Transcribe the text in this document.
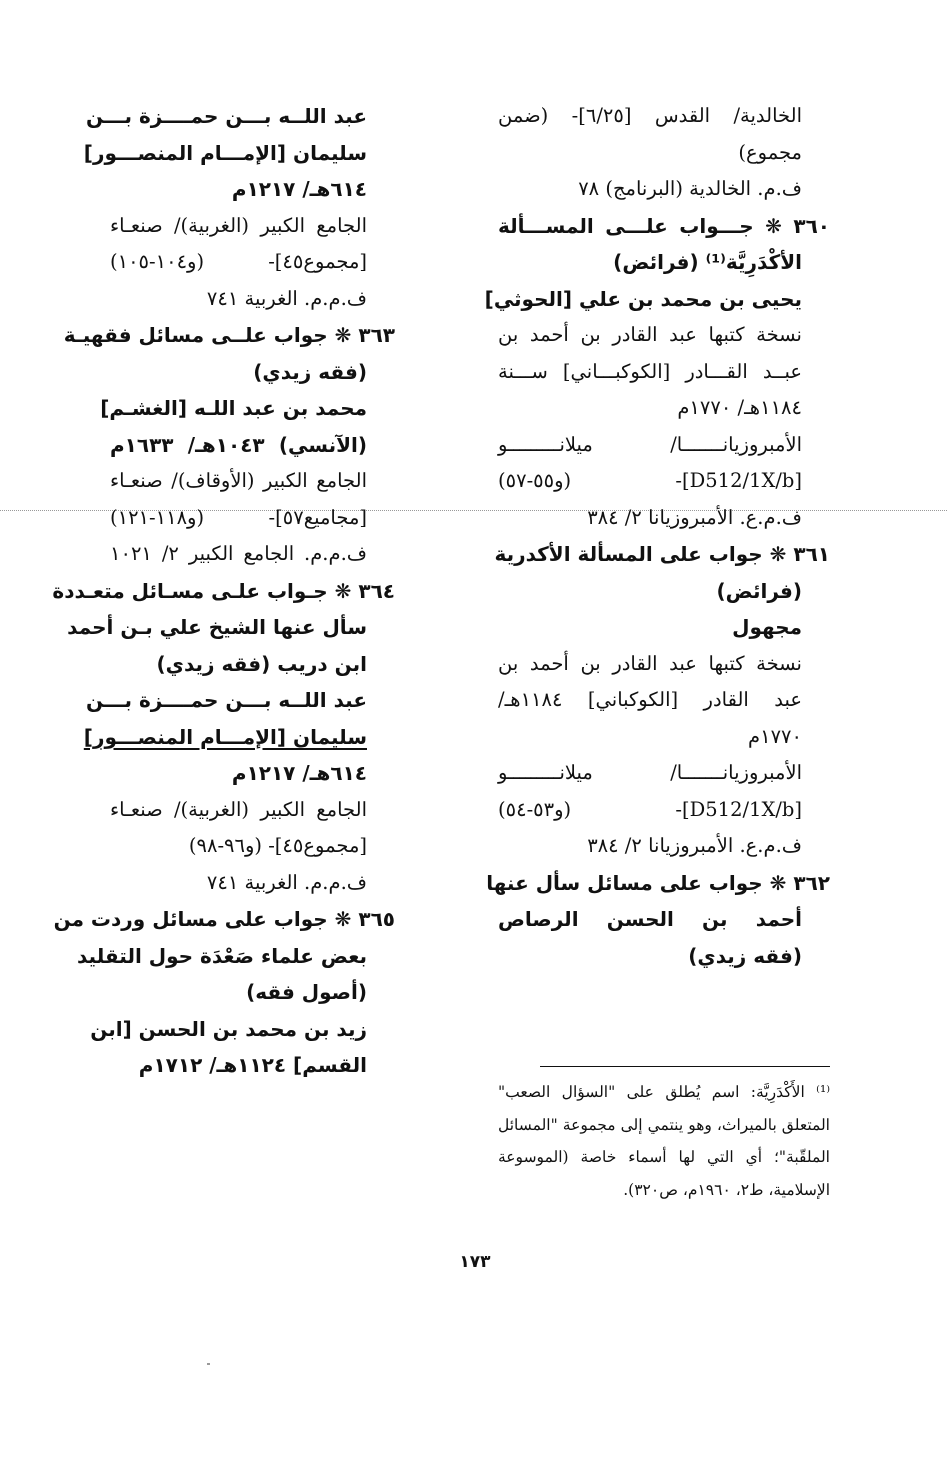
الخالدية/ القدس [٦/٢٥]- (ضمن
مجموع)
ف.م. الخالدية (البرنامج) ٧٨
٣٦٠ ❋ جـــواب علـــى المســـألة
الأكْدَرِيَّة⁽¹⁾ (فرائض)
يحيى بن محمد بن علي [الحوثي]
نسخة كتبها عبد القادر بن أحمد بن
عبــد القـــادر [الكوكبـــاني] ســـنة
١١٨٤هـ/ ١٧٧٠م
الأمبروزيانـــــــا/ ميلانـــــــــو
[D512/1X/b]- (و٥٥-٥٧)
ف.م.ع. الأمبروزيانا ٢/ ٣٨٤
٣٦١ ❋ جواب على المسألة الأكدرية
(فرائض)
مجهول
نسخة كتبها عبد القادر بن أحمد بن
عبد القادر [الكوكباني] ١١٨٤هـ/
١٧٧٠م
الأمبروزيانـــــــا/ ميلانـــــــــو
[D512/1X/b]- (و٥٣-٥٤)
ف.م.ع. الأمبروزيانا ٢/ ٣٨٤
٣٦٢ ❋ جواب على مسائل سأل عنها
أحمد بن الحسن الرصاص
(فقه زيدي)
عبد اللــه بـــن حمــــزة بـــن
سليمان [الإمـــام المنصـــور]
٦١٤هـ/ ١٢١٧م
الجامع الكبير (الغربية)/ صنعـاء
[مجموع٤٥]- (و١٠٤-١٠٥)
ف.م.م. الغربية ٧٤١
٣٦٣ ❋ جواب علــى مسائل فقهيـة
(فقه زيدي)
محمد بن عبد اللـه [الغشـم]
(الآنسي) ١٠٤٣هـ/ ١٦٣٣م
الجامع الكبير (الأوقاف)/ صنعـاء
[مجاميع٥٧]- (و١١٨-١٢١)
ف.م.م. الجامع الكبير ٢/ ١٠٢١
٣٦٤ ❋ جـواب علـى مسـائل متعـددة
سأل عنها الشيخ علي بـن أحمد
ابن دريب (فقه زيدي)
عبد اللــه بـــن حمــــزة بـــن
سليمان [الإمـــام المنصـــور]
٦١٤هـ/ ١٢١٧م
الجامع الكبير (الغربية)/ صنعـاء
[مجموع٤٥]- (و٩٦-٩٨)
ف.م.م. الغربية ٧٤١
٣٦٥ ❋ جواب على مسائل وردت من
بعض علماء صَعْدَة حول التقليد
(أصول فقه)
زيد بن محمد بن الحسن [ابن
القسم] ١١٢٤هـ/ ١٧١٢م
⁽¹⁾ الأَكْدَرِيَّة: اسم يُطلق على "السؤال الصعب"
المتعلق بالميراث، وهو ينتمي إلى مجموعة "المسائل
الملقّبة"؛ أي التي لها أسماء خاصة (الموسوعة
الإسلامية، ط٢، ١٩٦٠م، ص٣٢٠).
١٧٣
